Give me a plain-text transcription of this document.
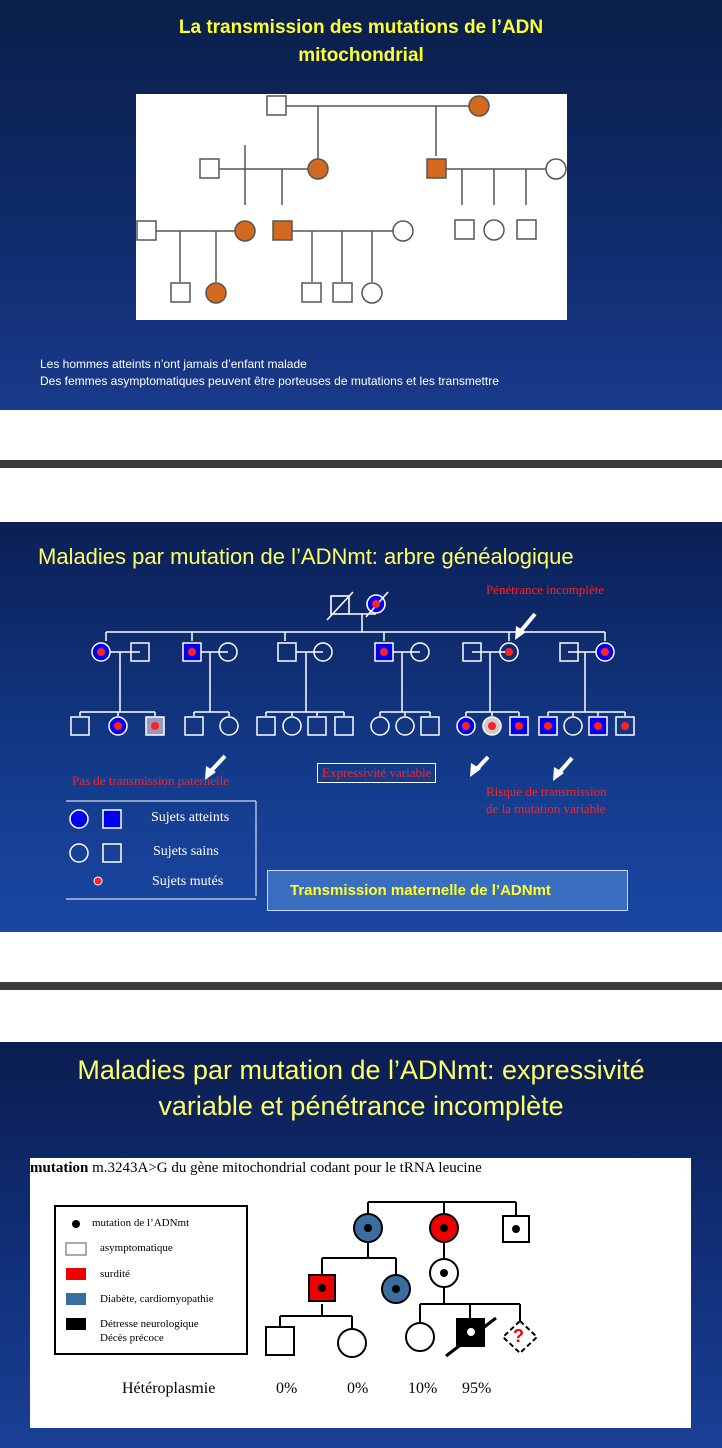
La transmission des mutations de l’ADN
mitochondrial
Les hommes atteints n’ont jamais d’enfant malade
Des femmes asymptomatiques peuvent être porteuses de mutations et les transmettre
Maladies par mutation de l’ADNmt: arbre généalogique
Pénétrance incomplète
Pas de transmission paternelle
Expressivité variable
Risque de transmission
de la mutation variable
Sujets atteints
Sujets sains
Sujets mutés
Transmission maternelle de l’ADNmt
Maladies par mutation de l’ADNmt: expressivité
variable et pénétrance incomplète
mutation m.3243A>G du gène mitochondrial codant pour le tRNA leucine
?
mutation de l’ADNmt
asymptomatique
surdité
Diabète, cardiomyopathie
Détresse neurologique
Décès précoce
Hétéroplasmie	0%	0% 10% 95%
